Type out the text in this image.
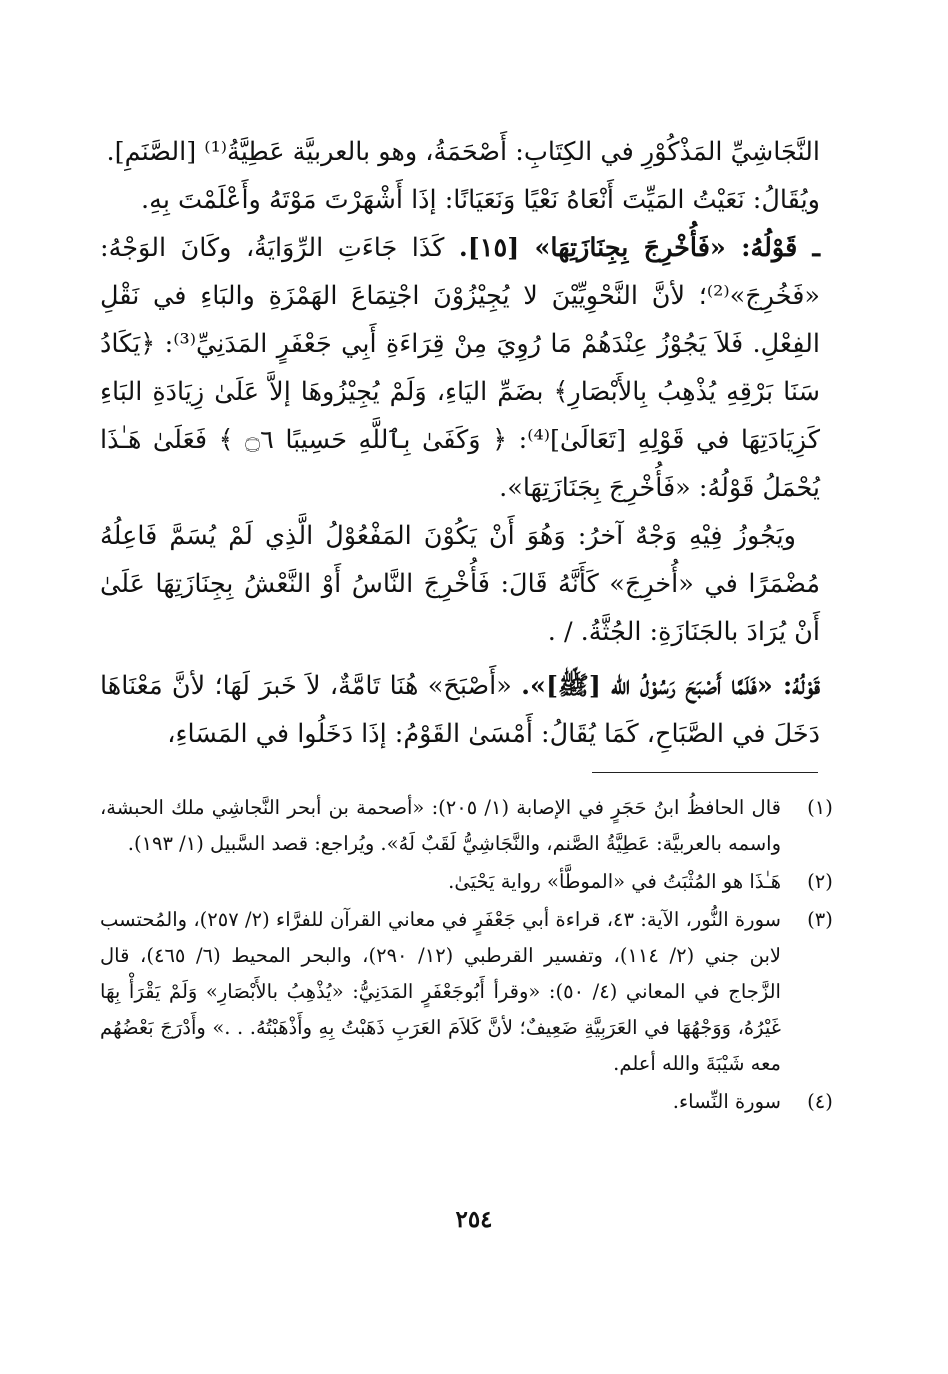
النَّجَاشِيِّ المَذْكُوْرِ في الكِتَابِ: أَصْحَمَةُ، وهو بالعربيَّة عَطِيَّةُ⁽¹⁾ [الصَّنَمِ].
ويُقَالُ: نَعَيْتُ المَيِّتَ أَنْعَاهُ نَعْيًا وَنَعَيَانًا: إذَا أَشْهَرْتَ مَوْتَهُ وأَعْلَمْتَ بِهِ.

ـ قَوْلُهُ: «فَأُخْرِجَ بِجِنَازَتِهَا» [١٥]. كَذَا جَاءَتِ الرِّوَايَةُ، وكَانَ الوَجْهُ: «فَخُرِجَ»⁽²⁾؛ لأنَّ النَّحْوِيِّيْنَ لا يُجِيْزُوْنَ اجْتِمَاعَ الهَمْزَةِ والبَاءِ في نَقْلِ الفِعْلِ. فَلاَ يَجُوْزُ عِنْدَهُمْ مَا رُوِيَ مِنْ قِرَاءَةِ أَبِي جَعْفَرٍ المَدَنِيِّ⁽³⁾: ﴿يَكَادُ سَنَا بَرْقِهِ يُذْهِبُ بِالأَبْصَارِ﴾ بضَمِّ اليَاءِ، وَلَمْ يُجِيْزُوهَا إلاَّ عَلَىٰ زِيَادَةِ البَاءِ كَزِيَادَتِهَا في قَوْلِهِ [تَعَالَىٰ]⁽⁴⁾: ﴿ وَكَفَىٰ بِٱللَّهِ حَسِيبًا ۝٦ ﴾ فَعَلَىٰ هَـٰذَا يُحْمَلُ قَوْلُهُ: «فَأُخْرِجَ بِجَنَازَتِهَا».

ويَجُوزُ فِيْهِ وَجْهٌ آخرُ: وَهُوَ أَنْ يَكُوْنَ المَفْعُوْلُ الَّذِي لَمْ يُسَمَّ فَاعِلُهُ مُضْمَرًا في «أُخرِجَ» كَأَنَّهُ قَالَ: فَأُخْرِجَ النَّاسُ أَوْ النَّعْشُ بِجِنَازَتِهَا عَلَىٰ أَنْ يُرَادَ بالجَنَازَةِ: الجُثَّةُ. / .

قَوْلُهُ: «فَلَمَّا أَصْبَحَ رَسُوْلُ الله [ﷺ]». «أَصْبَحَ» هُنَا تَامَّةٌ، لاَ خَبرَ لَهَا؛ لأنَّ مَعْنَاهَا دَخَلَ في الصَّبَاحِ، كَمَا يُقَالُ: أَمْسَىٰ القَوْمُ: إذَا دَخَلُوا في المَسَاءِ،

(١)
قال الحافظُ ابنُ حَجَرٍ في الإصابة (١/ ٢٠٥): «أصحمة بن أبحر النَّجاشِي ملك الحبشة، واسمه بالعربيَّة: عَطِيَّةُ الصَّنم، والنَّجَاشِيُّ لَقَبٌ لَهُ». ويُراجع: قصد السَّبيل (١/ ١٩٣).
(٢)
هَـٰذَا هو المُثْبَتُ في «الموطَّأ» رواية يَحْيَىٰ.
(٣)
سورة النُّور، الآية: ٤٣، قراءة أبي جَعْفَرٍ في معاني القرآن للفرَّاء (٢/ ٢٥٧)، والمُحتسب لابن جني (٢/ ١١٤)، وتفسير القرطبي (١٢/ ٢٩٠)، والبحر المحيط (٦/ ٤٦٥)، قال الزَّجاج في المعاني (٤/ ٥٠): «وقرأ أَبُوجَعْفَرٍ المَدَنِيُّ: «يُذْهِبُ بالأَبْصَارِ» وَلَمْ يَقْرَأْ بِهَا غَيْرُهُ، وَوَجْهُهَا في العَرَبِيَّةِ ضَعِيفٌ؛ لأنَّ كَلاَمَ العَرَبِ ذَهَبْتُ بِهِ وأَذْهَبْتُهُ. . .» وأَدْرَجَ بَعْضُهُم معه شَيْبَةَ والله أعلم.
(٤)
سورة النِّساء.
٢٥٤
